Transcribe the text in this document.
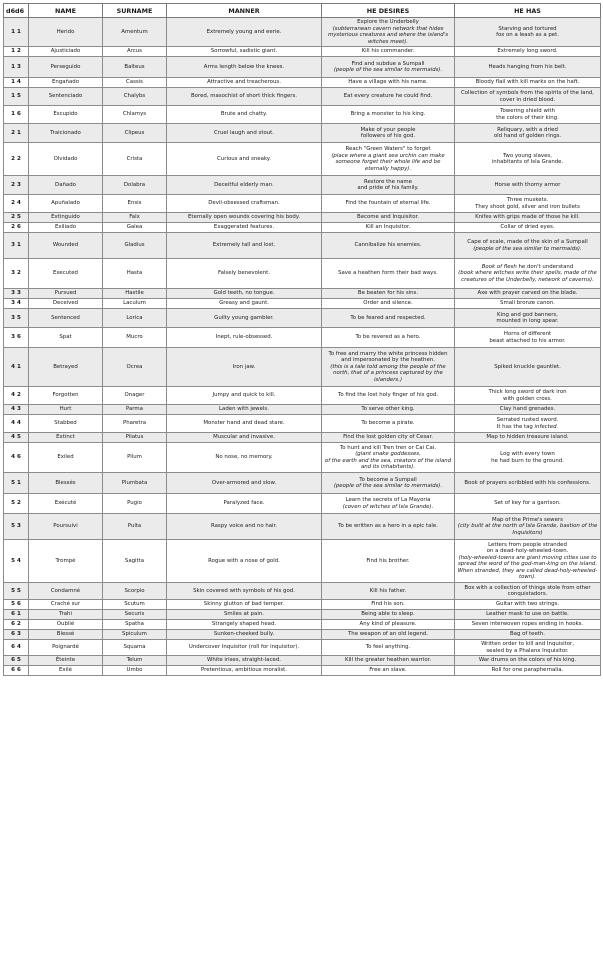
d6d6	NAME	SURNAME	MANNER	HE DESIRES	HE HAS
1 1	Herido	Amentum	Extremely young and eerie.	Explore the Underbelly
(subterranean cavern network that hides mysterious creatures and where the island's witches meet).	Starving and tortured
fox on a leash as a pet.
1 2	Ajusticiado	Arcus	Sorrowful, sadistic giant.	Kill his commander.	Extremely long sword.
1 3	Perseguido	Balteus	Arms length below the knees.	Find and subdue a Sumpall
(people of the sea similar to mermaids).	Heads hanging from his belt.
1 4	Engañado	Cassis	Attractive and treacherous.	Have a village with his name.	Bloody flail with kill marks on the haft.
1 5	Sentenciado	Chalybs	Bored, masochist of short thick fingers.	Eat every creature he could find.	Collection of symbols from the spirits of the land, cover in dried blood.
1 6	Escupido	Chlamys	Brute and chatty.	Bring a monster to his king.	Towering shield with
the colors of their king.
2 1	Traicionado	Clipeus	Cruel laugh and stout.	Make of your people
followers of his god.	Reliquary, with a dried
old hand of golden rings.
2 2	Olvidado	Crista	Curious and sneaky.	Reach "Green Waters" to forget
(place where a giant sea urchin can make someone forget their whole life and be eternally happy).	Two young slaves,
inhabitants of Isla Grande.
2 3	Dañado	Dolabra	Deceitful elderly man.	Restore the name
and pride of his family.	Horse with thorny armor
2 4	Apuñalado	Ensis	Devil-obsessed craftsman.	Find the fountain of eternal life.	Three muskets.
They shoot gold, silver and iron bullets
2 5	Extinguido	Falx	Eternally open wounds covering his body.	Become and Inquisitor.	Knifes with grips made of those he kill.
2 6	Exiliado	Galea	Exaggerated features.	Kill an Inquisitor.	Collar of dried eyes.
3 1	Wounded	Gladius	Extremely tall and lost.	Cannibalize his enemies.	Cape of scale, made of the skin of a Sumpall
(people of the sea similar to mermaids).
3 2	Executed	Hasta	Falsely benevolent.	Save a heathen form their bad ways.	Book of flesh he don't understand
(book where witches write their spells, made of the creatures of the Underbelly, network of caverns).
3 3	Pursued	Hastile	Gold teeth, no tongue.	Be beaten for his sins.	Axe with prayer carved on the blade.
3 4	Deceived	Laculum	Greasy and gaunt.	Order and silence.	Small bronze canon.
3 5	Sentenced	Lorica	Guilty young gambler.	To be feared and respected.	King and god banners,
mounted in long spear.
3 6	Spat	Mucro	Inept, rule-obsessed.	To be revered as a hero.	Horns of different
beast attached to his armor.
4 1	Betrayed	Ocrea	Iron jaw.	To free and marry the white princess hidden and impersonated by the heathen.
(this is a tale told among the people of the north, that of a princess captured by the islanders.)	Spiked knuckle gauntlet.
4 2	Forgotten	Onager	Jumpy and quick to kill.	To find the lost holy finger of his god.	Thick long sword of dark iron
with golden cross.
4 3	Hurt	Parma	Laden with jewels.	To serve other king.	Clay hand grenades.
4 4	Stabbed	Pharetra	Monster hand and dead stare.	To become a pirate.	Serrated rusted sword.
It has the tag infected.
4 5	Extinct	Pilatus	Muscular and invasive.	Find the lost golden city of Cesar.	Map to hidden treasure island.
4 6	Exiled	Pilum	No nose, no memory.	To hunt and kill Tren tren or Cai Cai.
(giant snake goddesses,
of the earth and the sea, creators of the island and its inhabitants).	Log with every town
he had burn to the ground.
5 1	Blessés	Plumbata	Over-armored and slow.	To become a Sumpall
(people of the sea similar to mermaids).	Book of prayers scribbled with his confessions.
5 2	Exécuté	Pugio	Paralyzed face.	Learn the secrets of La Mayoria
(coven of witches of Isla Grande).	Set of key for a garrison.
5 3	Poursuivi	Pulta	Raspy voice and no hair.	To be written as a hero in a epic tale.	Map of the Prime's sewers
(city built at the north of Isla Grande, bastion of the Inquisitors)
5 4	Trompé	Sagitta	Rogue with a nose of gold.	Find his brother.	Letters from people stranded
on a dead-holy-wheeled-town.
(holy-wheeled-towns are giant moving cities use to spread the word of the god-man-king on the island. When stranded, they are called dead-holy-wheeled-town).
5 5	Condamné	Scorpio	Skin covered with symbols of his god.	Kill his father.	Box with a collection of things stole from other conquistadors.
5 6	Craché sur	Scutum	Skinny glutton of bad temper.	Find his son.	Guitar with two strings.
6 1	Trahi	Securis	Smiles at pain.	Being able to sleep.	Leather mask to use on battle.
6 2	Oublié	Spatha	Strangely shaped head.	Any kind of pleasure.	Seven interwoven ropes ending in hooks.
6 3	Blessé	Spiculum	Sunken-cheeked bully.	The weapon of an old legend.	Bag of teeth.
6 4	Poignardé	Squama	Undercover Inquisitor (roll for inquisitor).	To feel anything.	Written order to kill and Inquisitor,
sealed by a Phalanx Inquisitor.
6 5	Éteinte	Telum	White irises, straight-laced.	Kill the greater heathen warrior.	War drums on the colors of his king.
6 6	Exilé	Umbo	Pretentious, ambitious moralist.	Free an slave.	Roll for one paraphernalia.
